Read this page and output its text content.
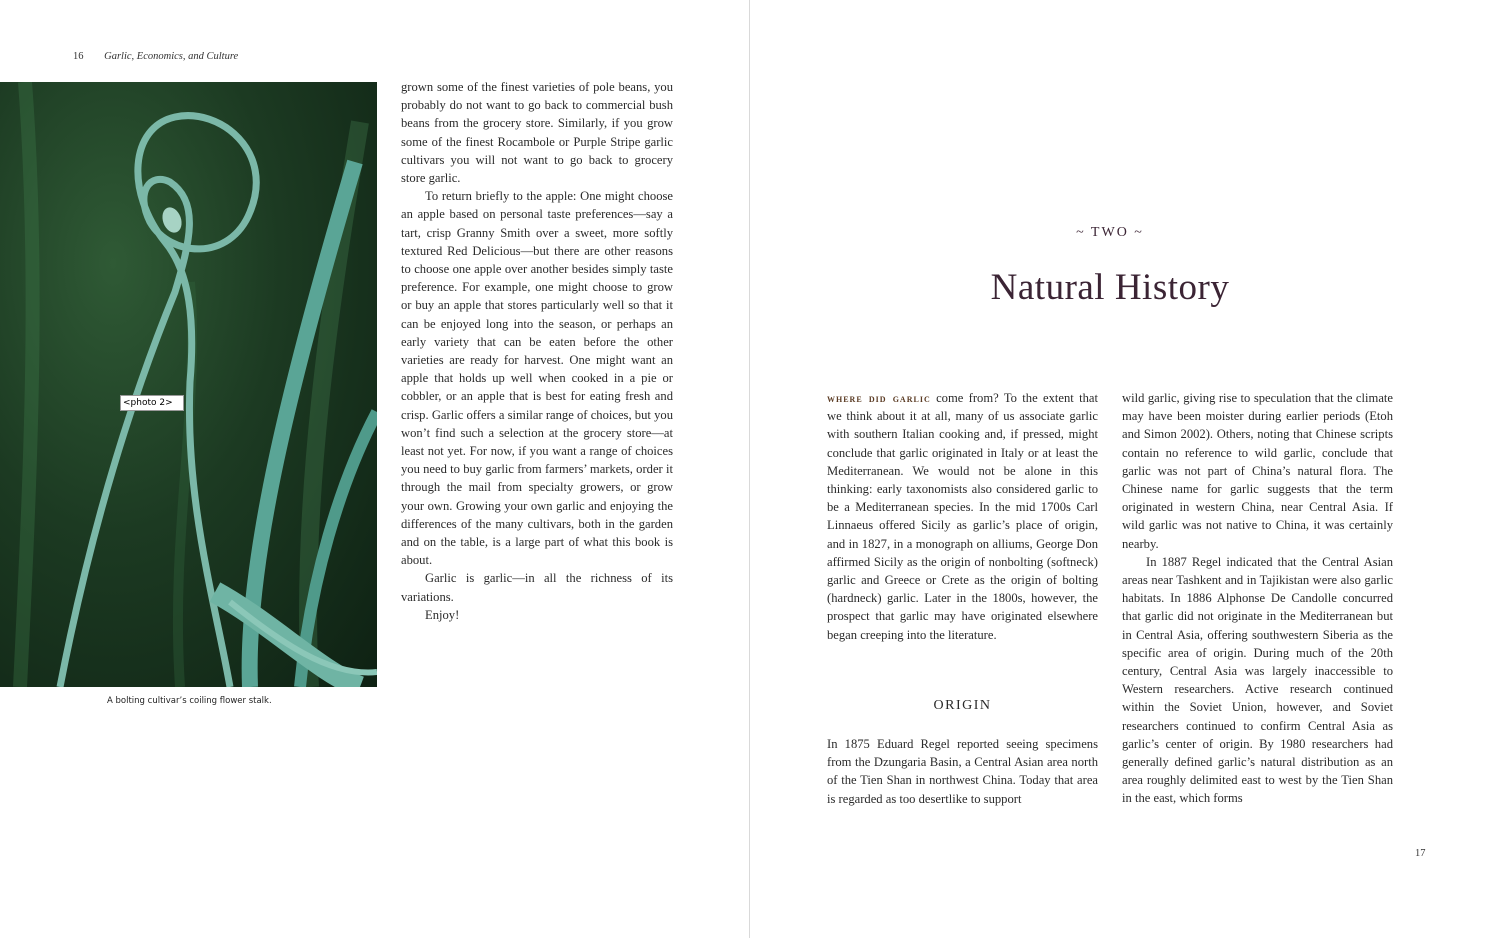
16 Garlic, Economics, and Culture
<photo 2>
A bolting cultivar’s coiling flower stalk.

grown some of the finest varieties of pole beans, you probably do not want to go back to commercial bush beans from the grocery store. Similarly, if you grow some of the finest Rocambole or Purple Stripe garlic cultivars you will not want to go back to grocery store garlic.

To return briefly to the apple: One might choose an apple based on personal taste preferences—say a tart, crisp Granny Smith over a sweet, more softly textured Red Delicious—but there are other reasons to choose one apple over another besides simply taste preference. For example, one might choose to grow or buy an apple that stores particularly well so that it can be enjoyed long into the season, or perhaps an early variety that can be eaten before the other varieties are ready for harvest. One might want an apple that holds up well when cooked in a pie or cobbler, or an apple that is best for eating fresh and crisp. Garlic offers a similar range of choices, but you won’t find such a selection at the grocery store—at least not yet. For now, if you want a range of choices you need to buy garlic from farmers’ markets, order it through the mail from specialty growers, or grow your own. Growing your own garlic and enjoying the differences of the many cultivars, both in the garden and on the table, is a large part of what this book is about.

Garlic is garlic—in all the richness of its variations.

Enjoy!

~ TWO ~
Natural History

where did garlic come from? To the extent that we think about it at all, many of us associate garlic with southern Italian cooking and, if pressed, might conclude that garlic originated in Italy or at least the Mediterranean. We would not be alone in this thinking: early taxonomists also considered garlic to be a Mediterranean species. In the mid 1700s Carl Linnaeus offered Sicily as garlic’s place of origin, and in 1827, in a monograph on alliums, George Don affirmed Sicily as the origin of nonbolting (softneck) garlic and Greece or Crete as the origin of bolting (hardneck) garlic. Later in the 1800s, however, the prospect that garlic may have originated elsewhere began creeping into the literature.

ORIGIN

In 1875 Eduard Regel reported seeing specimens from the Dzungaria Basin, a Central Asian area north of the Tien Shan in northwest China. Today that area is regarded as too desertlike to support

wild garlic, giving rise to speculation that the climate may have been moister during earlier periods (Etoh and Simon 2002). Others, noting that Chinese scripts contain no reference to wild garlic, conclude that garlic was not part of China’s natural flora. The Chinese name for garlic suggests that the term originated in western China, near Central Asia. If wild garlic was not native to China, it was certainly nearby.

In 1887 Regel indicated that the Central Asian areas near Tashkent and in Tajikistan were also garlic habitats. In 1886 Alphonse De Candolle concurred that garlic did not originate in the Mediterranean but in Central Asia, offering southwestern Siberia as the specific area of origin. During much of the 20th century, Central Asia was largely inaccessible to Western researchers. Active research continued within the Soviet Union, however, and Soviet researchers continued to confirm Central Asia as garlic’s center of origin. By 1980 researchers had generally defined garlic’s natural distribution as an area roughly delimited east to west by the Tien Shan in the east, which forms

17
